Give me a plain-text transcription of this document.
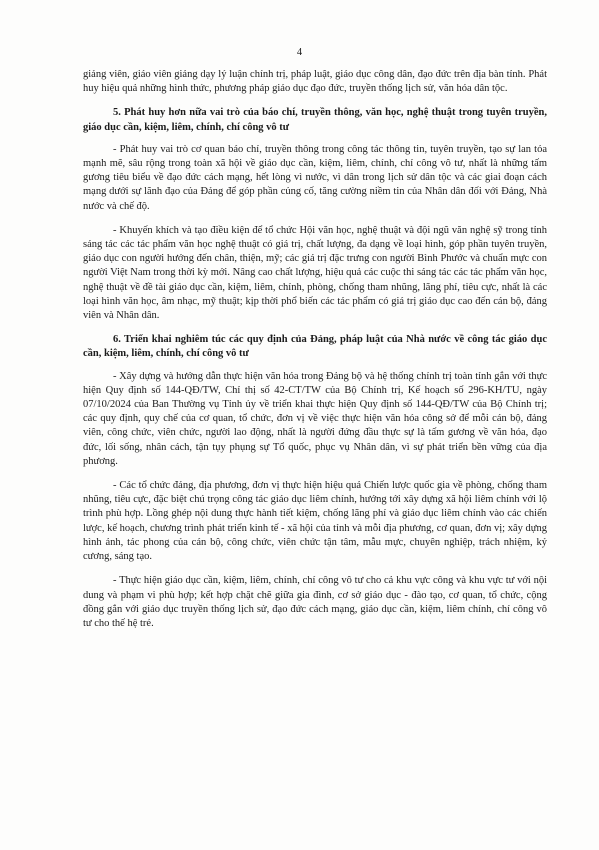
4

giảng viên, giáo viên giảng dạy lý luận chính trị, pháp luật, giáo dục công dân, đạo đức trên địa bàn tỉnh. Phát huy hiệu quả những hình thức, phương pháp giáo dục đạo đức, truyền thống lịch sử, văn hóa dân tộc.

5. Phát huy hơn nữa vai trò của báo chí, truyền thông, văn học, nghệ thuật trong tuyên truyền, giáo dục cần, kiệm, liêm, chính, chí công vô tư

- Phát huy vai trò cơ quan báo chí, truyền thông trong công tác thông tin, tuyên truyền, tạo sự lan tỏa mạnh mẽ, sâu rộng trong toàn xã hội về giáo dục cần, kiệm, liêm, chính, chí công vô tư, nhất là những tấm gương tiêu biểu về đạo đức cách mạng, hết lòng vì nước, vì dân trong lịch sử dân tộc và các giai đoạn cách mạng dưới sự lãnh đạo của Đảng để góp phần củng cố, tăng cường niềm tin của Nhân dân đối với Đảng, Nhà nước và chế độ.

- Khuyến khích và tạo điều kiện để tổ chức Hội văn học, nghệ thuật và đội ngũ văn nghệ sỹ trong tỉnh sáng tác các tác phẩm văn học nghệ thuật có giá trị, chất lượng, đa dạng về loại hình, góp phần tuyên truyền, giáo dục con người hướng đến chân, thiện, mỹ; các giá trị đặc trưng con người Bình Phước và chuẩn mực con người Việt Nam trong thời kỳ mới. Nâng cao chất lượng, hiệu quả các cuộc thi sáng tác các tác phẩm văn học, nghệ thuật về đề tài giáo dục cần, kiệm, liêm, chính, phòng, chống tham nhũng, lãng phí, tiêu cực, nhất là các loại hình văn học, âm nhạc, mỹ thuật; kịp thời phổ biến các tác phẩm có giá trị giáo dục cao đến cán bộ, đảng viên và Nhân dân.

6. Triển khai nghiêm túc các quy định của Đảng, pháp luật của Nhà nước về công tác giáo dục cần, kiệm, liêm, chính, chí công vô tư

- Xây dựng và hướng dẫn thực hiện văn hóa trong Đảng bộ và hệ thống chính trị toàn tỉnh gắn với thực hiện Quy định số 144-QĐ/TW, Chỉ thị số 42-CT/TW của Bộ Chính trị, Kế hoạch số 296-KH/TU, ngày 07/10/2024 của Ban Thường vụ Tỉnh ủy về triển khai thực hiện Quy định số 144-QĐ/TW của Bộ Chính trị; các quy định, quy chế của cơ quan, tổ chức, đơn vị về việc thực hiện văn hóa công sở để mỗi cán bộ, đảng viên, công chức, viên chức, người lao động, nhất là người đứng đầu thực sự là tấm gương về văn hóa, đạo đức, lối sống, nhân cách, tận tụy phụng sự Tổ quốc, phục vụ Nhân dân, vì sự phát triển bền vững của địa phương.

- Các tổ chức đảng, địa phương, đơn vị thực hiện hiệu quả Chiến lược quốc gia về phòng, chống tham nhũng, tiêu cực, đặc biệt chú trọng công tác giáo dục liêm chính, hướng tới xây dựng xã hội liêm chính với lộ trình phù hợp. Lồng ghép nội dung thực hành tiết kiệm, chống lãng phí và giáo dục liêm chính vào các chiến lược, kế hoạch, chương trình phát triển kinh tế - xã hội của tỉnh và mỗi địa phương, cơ quan, đơn vị; xây dựng hình ảnh, tác phong của cán bộ, công chức, viên chức tận tâm, mẫu mực, chuyên nghiệp, trách nhiệm, kỷ cương, sáng tạo.

- Thực hiện giáo dục cần, kiệm, liêm, chính, chí công vô tư cho cả khu vực công và khu vực tư với nội dung và phạm vi phù hợp; kết hợp chặt chẽ giữa gia đình, cơ sở giáo dục - đào tạo, cơ quan, tổ chức, cộng đồng gắn với giáo dục truyền thống lịch sử, đạo đức cách mạng, giáo dục cần, kiệm, liêm chính, chí công vô tư cho thế hệ trẻ.
